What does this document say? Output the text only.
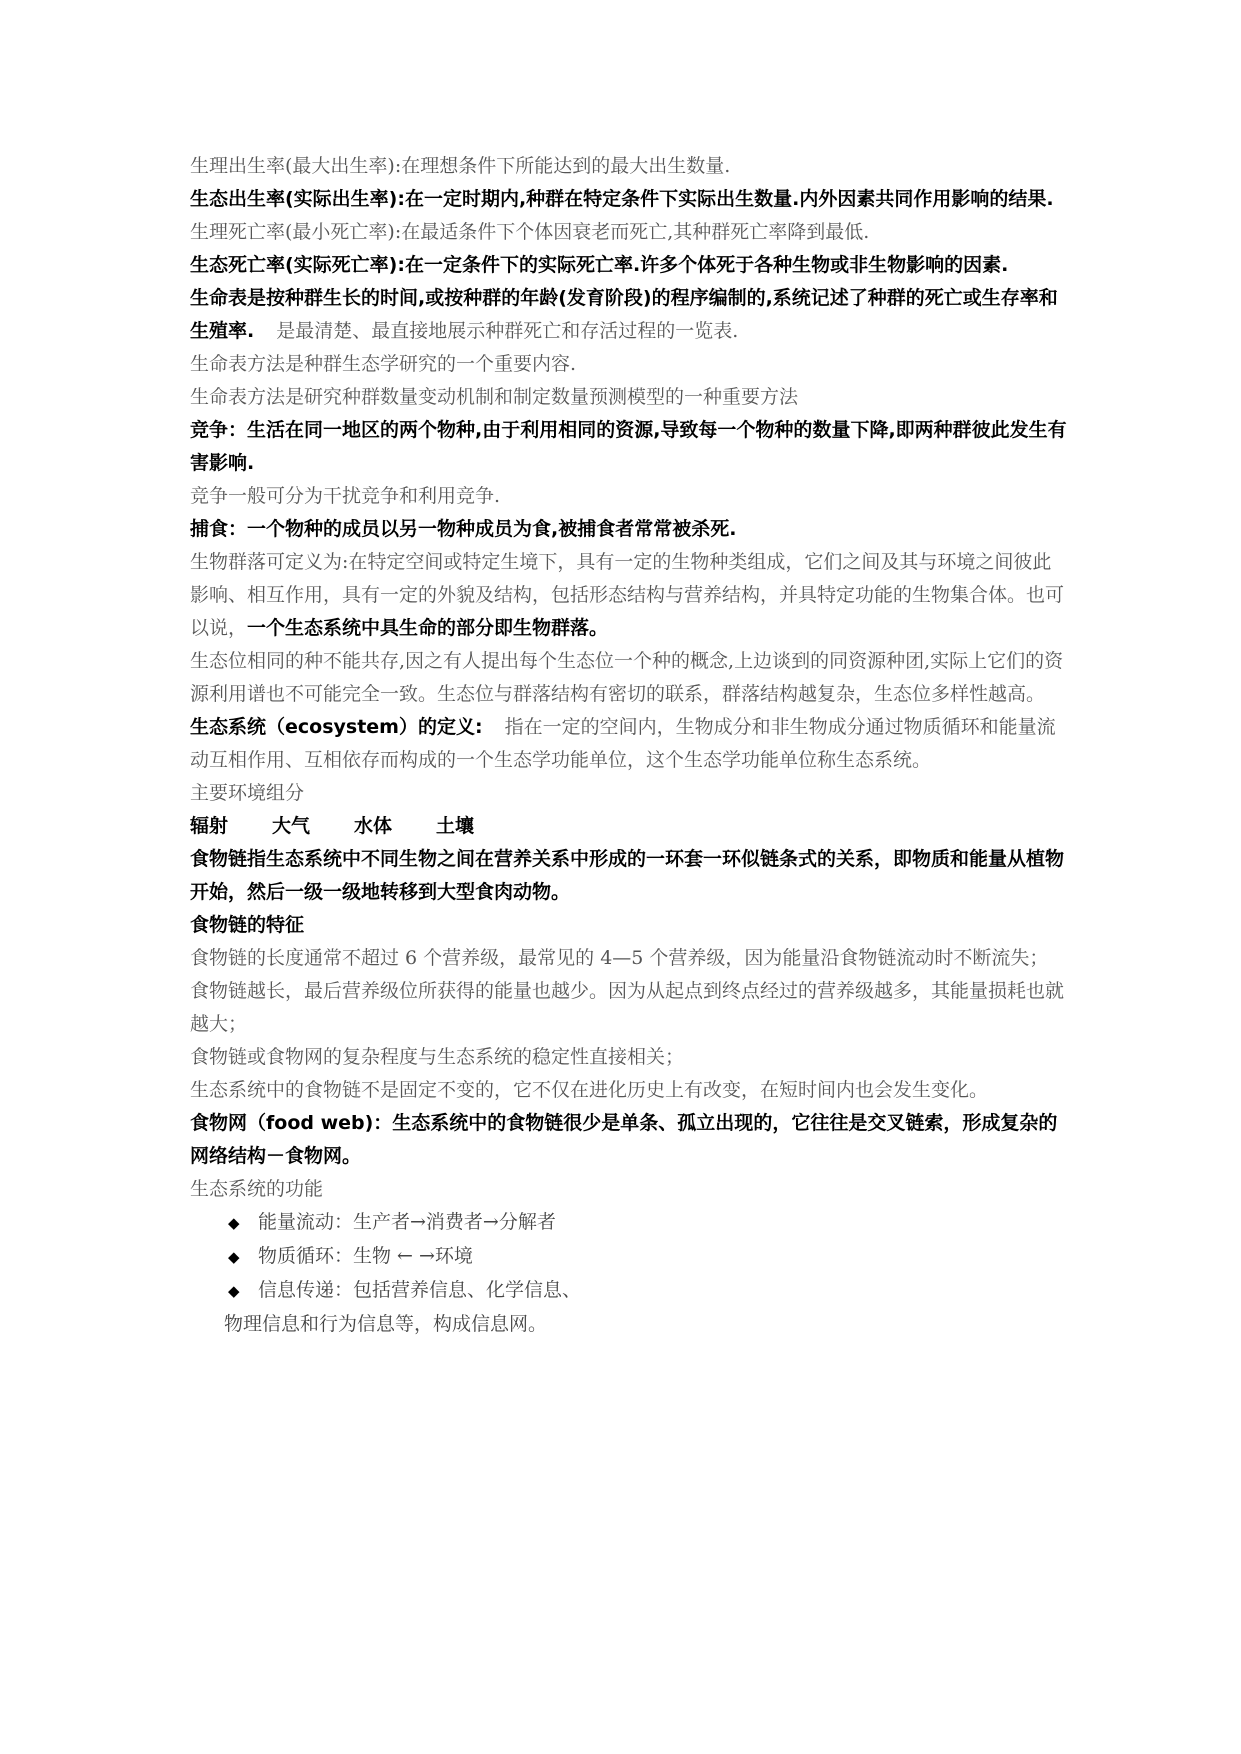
生理出生率(最大出生率):在理想条件下所能达到的最大出生数量.

生态出生率(实际出生率):在一定时期内,种群在特定条件下实际出生数量.内外因素共同作用影响的结果.

生理死亡率(最小死亡率):在最适条件下个体因衰老而死亡,其种群死亡率降到最低.

生态死亡率(实际死亡率):在一定条件下的实际死亡率.许多个体死于各种生物或非生物影响的因素.

生命表是按种群生长的时间,或按种群的年龄(发育阶段)的程序编制的,系统记述了种群的死亡或生存率和生殖率. 是最清楚、最直接地展示种群死亡和存活过程的一览表.

生命表方法是种群生态学研究的一个重要内容.

生命表方法是研究种群数量变动机制和制定数量预测模型的一种重要方法

竞争：生活在同一地区的两个物种,由于利用相同的资源,导致每一个物种的数量下降,即两种群彼此发生有害影响.

竞争一般可分为干扰竞争和利用竞争.

捕食：一个物种的成员以另一物种成员为食,被捕食者常常被杀死.

生物群落可定义为:在特定空间或特定生境下，具有一定的生物种类组成，它们之间及其与环境之间彼此影响、相互作用，具有一定的外貌及结构，包括形态结构与营养结构，并具特定功能的生物集合体。也可以说，一个生态系统中具生命的部分即生物群落。

生态位相同的种不能共存,因之有人提出每个生态位一个种的概念,上边谈到的同资源种团,实际上它们的资源利用谱也不可能完全一致。生态位与群落结构有密切的联系，群落结构越复杂，生态位多样性越高。

生态系统（ecosystem）的定义: 指在一定的空间内，生物成分和非生物成分通过物质循环和能量流动互相作用、互相依存而构成的一个生态学功能单位，这个生态学功能单位称生态系统。

主要环境组分

辐射 大气 水体 土壤

食物链指生态系统中不同生物之间在营养关系中形成的一环套一环似链条式的关系，即物质和能量从植物开始，然后一级一级地转移到大型食肉动物。

食物链的特征

食物链的长度通常不超过 6 个营养级，最常见的 4—5 个营养级，因为能量沿食物链流动时不断流失；

食物链越长，最后营养级位所获得的能量也越少。因为从起点到终点经过的营养级越多，其能量损耗也就越大；

食物链或食物网的复杂程度与生态系统的稳定性直接相关；

生态系统中的食物链不是固定不变的，它不仅在进化历史上有改变，在短时间内也会发生变化。

食物网（food web)：生态系统中的食物链很少是单条、孤立出现的，它往往是交叉链索，形成复杂的网络结构－食物网。

生态系统的功能

◆ 能量流动：生产者→消费者→分解者
◆ 物质循环：生物 ← →环境
◆ 信息传递：包括营养信息、化学信息、

物理信息和行为信息等，构成信息网。
